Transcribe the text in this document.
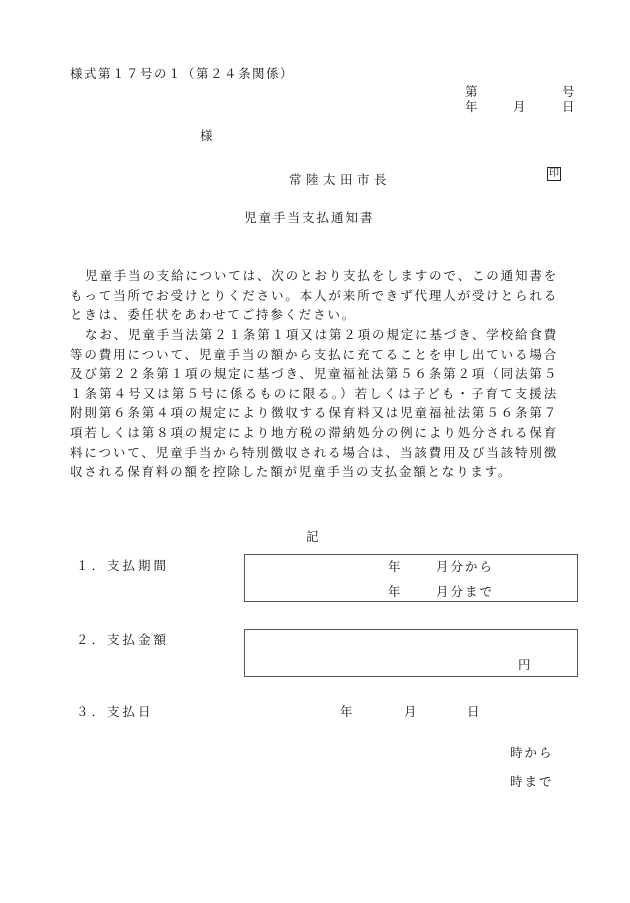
様式第１７号の１（第２４条関係）
第	号
年	月	日
様
常陸太田市長	印
児童手当支払通知書
児童手当の支給については、次のとおり支払をしますので、この通知書をもって当所でお受けとりください。本人が来所できず代理人が受けとられるときは、委任状をあわせてご持参ください。
なお、児童手当法第２１条第１項又は第２項の規定に基づき、学校給食費等の費用について、児童手当の額から支払に充てることを申し出ている場合及び第２２条第１項の規定に基づき、児童福祉法第５６条第２項（同法第５１条第４号又は第５号に係るものに限る。）若しくは子ども・子育て支援法附則第６条第４項の規定により徴収する保育料又は児童福祉法第５６条第７項若しくは第８項の規定により地方税の滞納処分の例により処分される保育料について、児童手当から特別徴収される場合は、当該費用及び当該特別徴収される保育料の額を控除した額が児童手当の支払金額となります。
記
１．支払期間	年	月分から
年	月分まで
２．支払金額
円
３．支払日	年	月	日
時から
時まで
